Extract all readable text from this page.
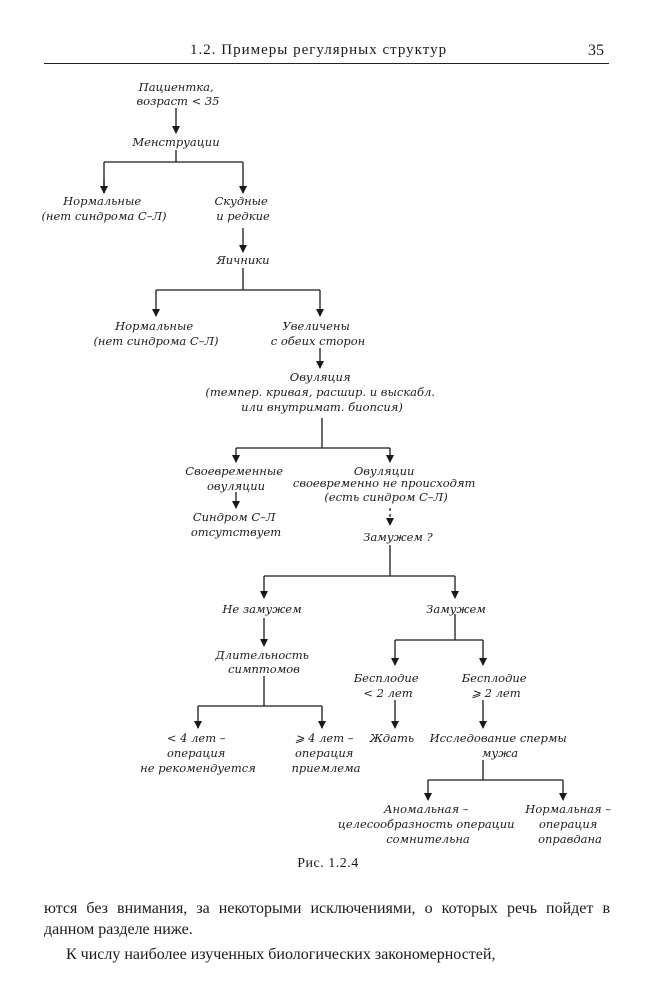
1.2. Примеры регулярных структур	35
Пациентка, возраст < 35
Менструации
Нормальные (нет синдрома С–Л)
Скудные и редкие
Яичники
Нормальные (нет синдрома С–Л)
Увеличены с обеих сторон
Овуляция (темпер. кривая, расшир. и выскабл. или внутримат. биопсия)
Своевременные овуляции
Овуляции своевременно не происходят (есть синдром С–Л)
Синдром С–Л отсутствует	Замужем ?
Не замужем	Замужем
Длительность симптомов
Бесплодие < 2 лет
Бесплодие ⩾ 2 лет
< 4 лет – операция не рекомендуется
⩾ 4 лет – операция приемлема
Ждать Исследование спермы мужа
Аномальная – целесообразность операции сомнительна
Нормальная – операция оправдана
Рис. 1.2.4

ются без внимания, за некоторыми исключениями, о которых речь пойдет в данном разделе ниже.

К числу наиболее изученных биологических закономерностей,
